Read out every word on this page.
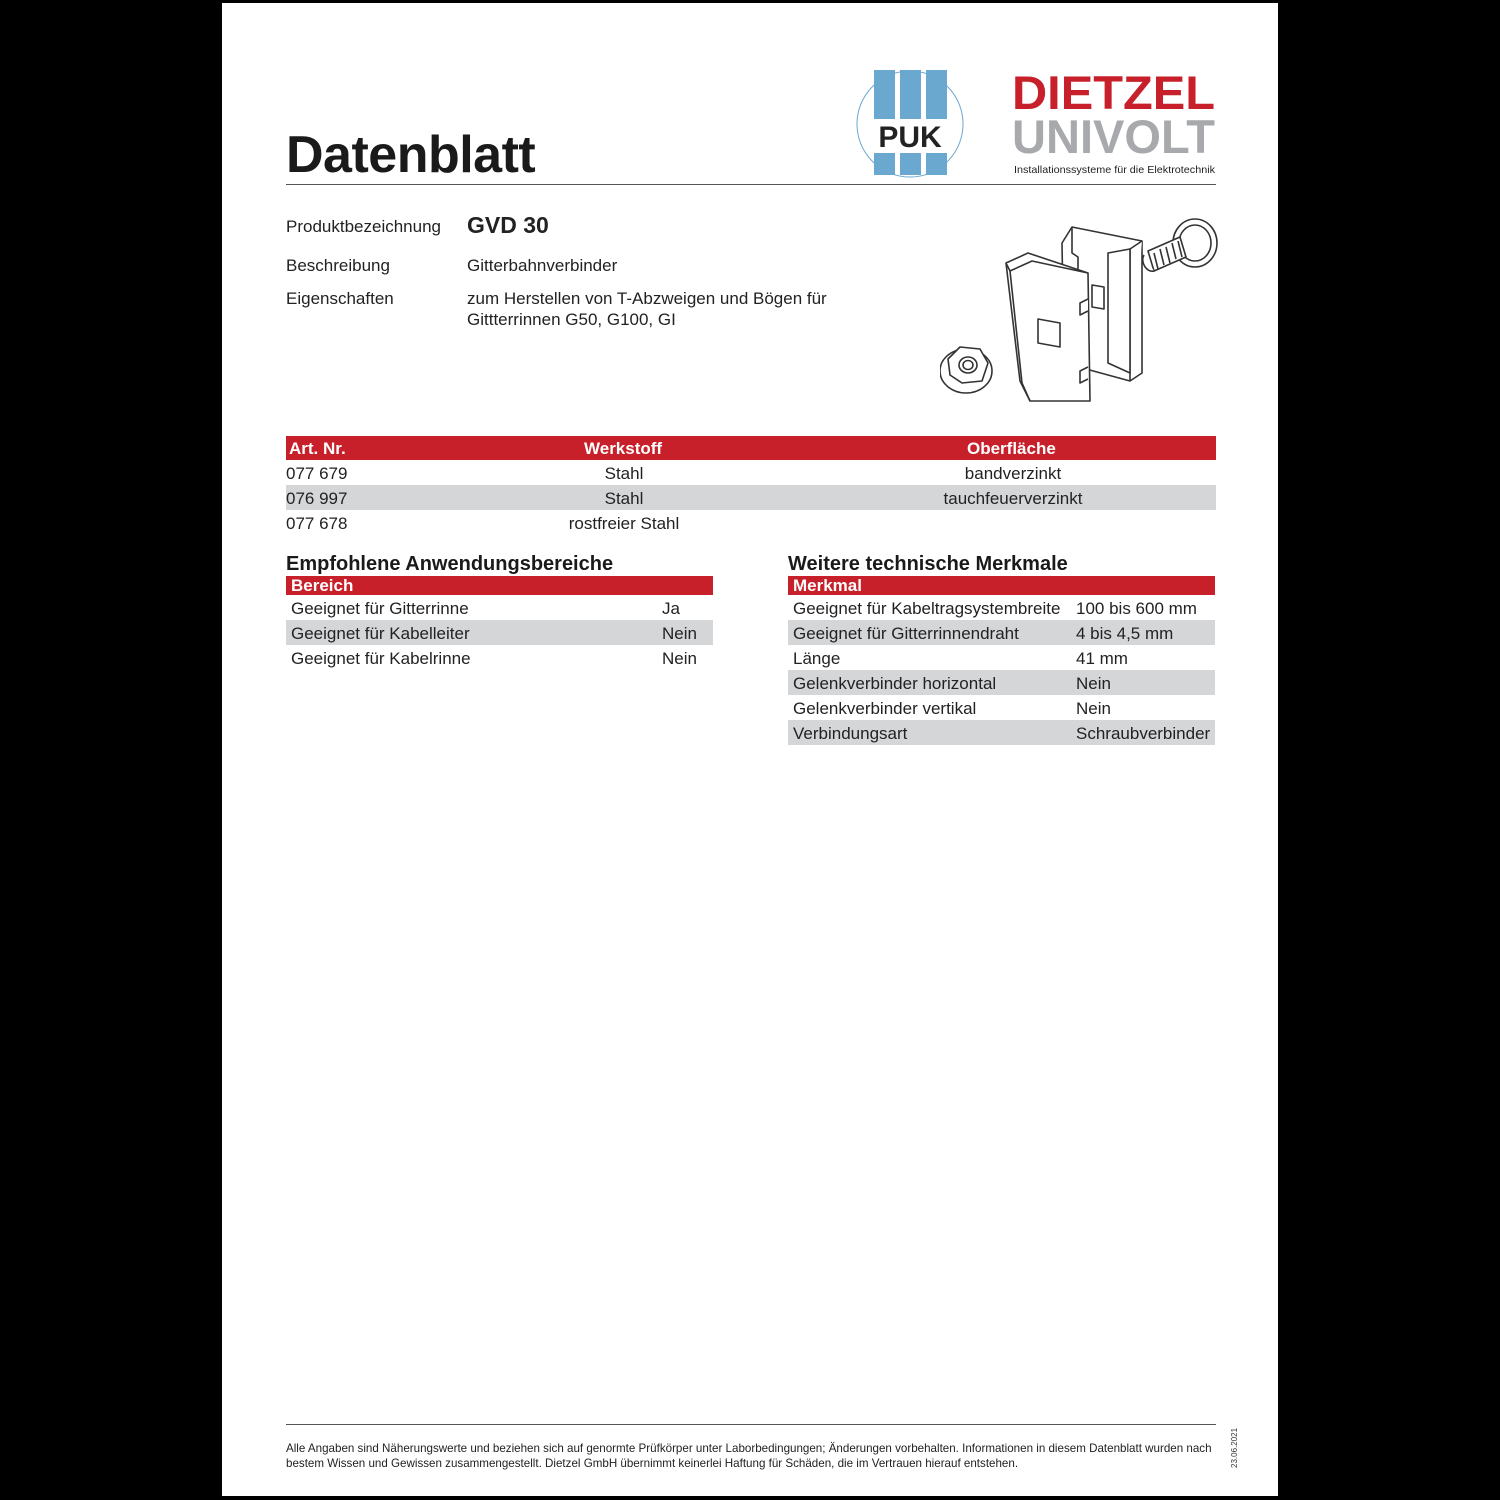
Datenblatt	PUK
DIETZEL
UNIVOLT
Installationssysteme für die Elektrotechnik
Produktbezeichnung GVD 30
Beschreibung	Gitterbahnverbinder
Eigenschaften	zum Herstellen von T-Abzweigen und Bögen für
Gittterrinnen G50, G100, GI
Art. Nr.	Werkstoff	Oberfläche
077 679	Stahl	bandverzinkt
076 997	Stahl	tauchfeuerverzinkt
077 678	rostfreier Stahl
Empfohlene Anwendungsbereiche
Bereich
Geeignet für Gitterrinne	Ja
Geeignet für Kabelleiter	Nein
Geeignet für Kabelrinne	Nein
Weitere technische Merkmale
Merkmal
Geeignet für Kabeltragsystembreite 100 bis 600 mm
Geeignet für Gitterrinnendraht	4 bis 4,5 mm
Länge	41 mm
Gelenkverbinder horizontal	Nein
Gelenkverbinder vertikal	Nein
Verbindungsart	Schraubverbinder
Alle Angaben sind Näherungswerte und beziehen sich auf genormte Prüfkörper unter Laborbedingungen; Änderungen vorbehalten. Informationen in diesem Datenblatt wurden nach bestem Wissen und Gewissen zusammengestellt. Dietzel GmbH übernimmt keinerlei Haftung für Schäden, die im Vertrauen hierauf entstehen.	23.06.2021
